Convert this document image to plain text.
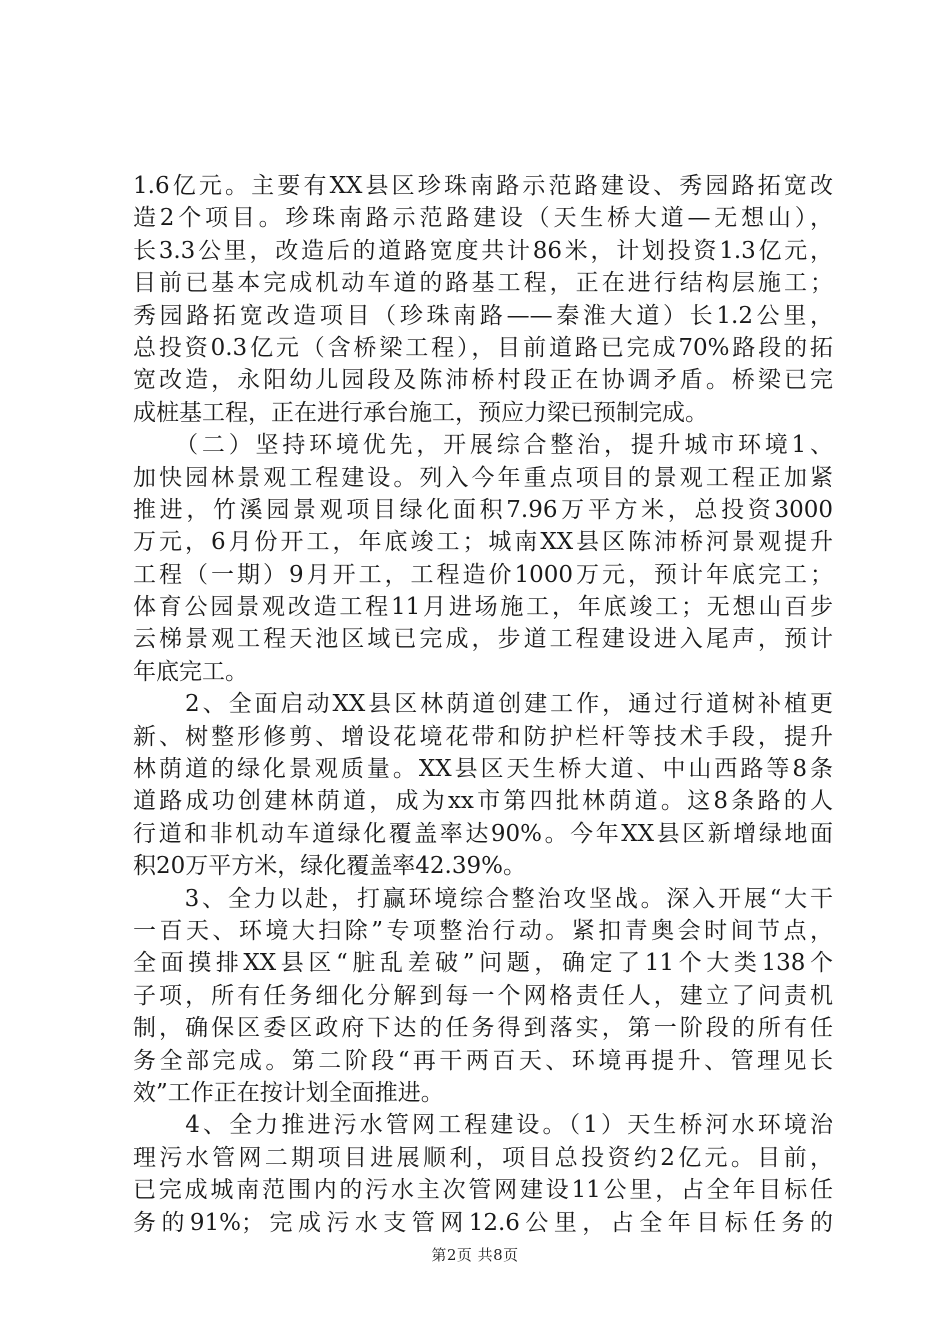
1.6亿元。主要有XX县区珍珠南路示范路建设、秀园路拓宽改
造2个项目。珍珠南路示范路建设（天生桥大道—无想山），
长3.3公里，改造后的道路宽度共计86米，计划投资1.3亿元，
目前已基本完成机动车道的路基工程，正在进行结构层施工；
秀园路拓宽改造项目（珍珠南路——秦淮大道）长1.2公里，
总投资0.3亿元（含桥梁工程），目前道路已完成70%路段的拓
宽改造，永阳幼儿园段及陈沛桥村段正在协调矛盾。桥梁已完
成桩基工程，正在进行承台施工，预应力梁已预制完成。
　　（二）坚持环境优先，开展综合整治，提升城市环境1、
加快园林景观工程建设。列入今年重点项目的景观工程正加紧
推进，竹溪园景观项目绿化面积7.96万平方米，总投资3000
万元，6月份开工，年底竣工；城南XX县区陈沛桥河景观提升
工程（一期）9月开工，工程造价1000万元，预计年底完工；
体育公园景观改造工程11月进场施工，年底竣工；无想山百步
云梯景观工程天池区域已完成，步道工程建设进入尾声，预计
年底完工。
　　2、全面启动XX县区林荫道创建工作，通过行道树补植更
新、树整形修剪、增设花境花带和防护栏杆等技术手段，提升
林荫道的绿化景观质量。XX县区天生桥大道、中山西路等8条
道路成功创建林荫道，成为xx市第四批林荫道。这8条路的人
行道和非机动车道绿化覆盖率达90%。今年XX县区新增绿地面
积20万平方米，绿化覆盖率42.39%。
　　3、全力以赴，打赢环境综合整治攻坚战。深入开展“大干
一百天、环境大扫除”专项整治行动。紧扣青奥会时间节点，
全面摸排XX县区“脏乱差破”问题，确定了11个大类138个
子项，所有任务细化分解到每一个网格责任人，建立了问责机
制，确保区委区政府下达的任务得到落实，第一阶段的所有任
务全部完成。第二阶段“再干两百天、环境再提升、管理见长
效”工作正在按计划全面推进。
　　4、全力推进污水管网工程建设。（1）天生桥河水环境治
理污水管网二期项目进展顺利，项目总投资约2亿元。目前，
已完成城南范围内的污水主次管网建设11公里，占全年目标任
务的91%；完成污水支管网12.6公里，占全年目标任务的
第2页 共8页
